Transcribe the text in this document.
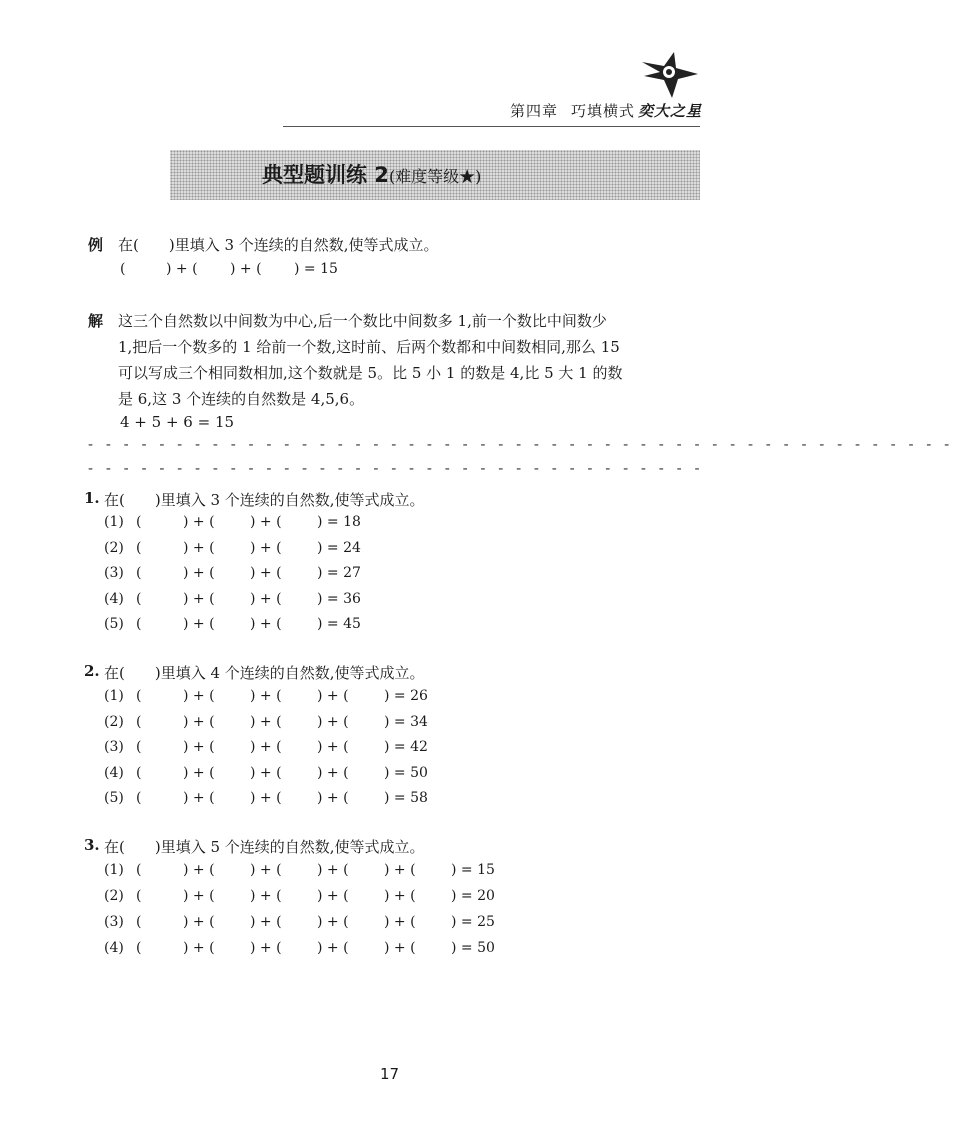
第四章 巧填横式 奕大之星
典型题训练 2(难度等级★)
例 在(　　)里填入 3 个连续的自然数,使等式成立。
(	) + ( ) + ( ) = 15
解 这三个自然数以中间数为中心,后一个数比中间数多 1,前一个数比中间数少
1,把后一个数多的 1 给前一个数,这时前、后两个数都和中间数相同,那么 15
可以写成三个相同数相加,这个数就是 5。比 5 小 1 的数是 4,比 5 大 1 的数
是 6,这 3 个连续的自然数是 4,5,6。
4 + 5 + 6 = 15
- - - - - - - - - - - - - - - - - - - - - - - - - - - - - - - - - - - - - - - - - - - - - - - - -
- - - - - - - - - - - - - - - - - - - - - - - - - - - - - - - - - - -
1. 在(　　)里填入 3 个连续的自然数,使等式成立。
(1) (	) + (	) + (	) = 18
(2) (	) + (	) + (	) = 24
(3) (	) + (	) + (	) = 27
(4) (	) + (	) + (	) = 36
(5) (	) + (	) + (	) = 45
2. 在(　　)里填入 4 个连续的自然数,使等式成立。
(1) (	) + (	) + (	) + (	) = 26
(2) (	) + (	) + (	) + (	) = 34
(3) (	) + (	) + (	) + (	) = 42
(4) (	) + (	) + (	) + (	) = 50
(5) (	) + (	) + (	) + (	) = 58
3. 在(　　)里填入 5 个连续的自然数,使等式成立。
(1) (	) + (	) + (	) + (	) + (	) = 15
(2) (	) + (	) + (	) + (	) + (	) = 20
(3) (	) + (	) + (	) + (	) + (	) = 25
(4) (	) + (	) + (	) + (	) + (	) = 50
17
